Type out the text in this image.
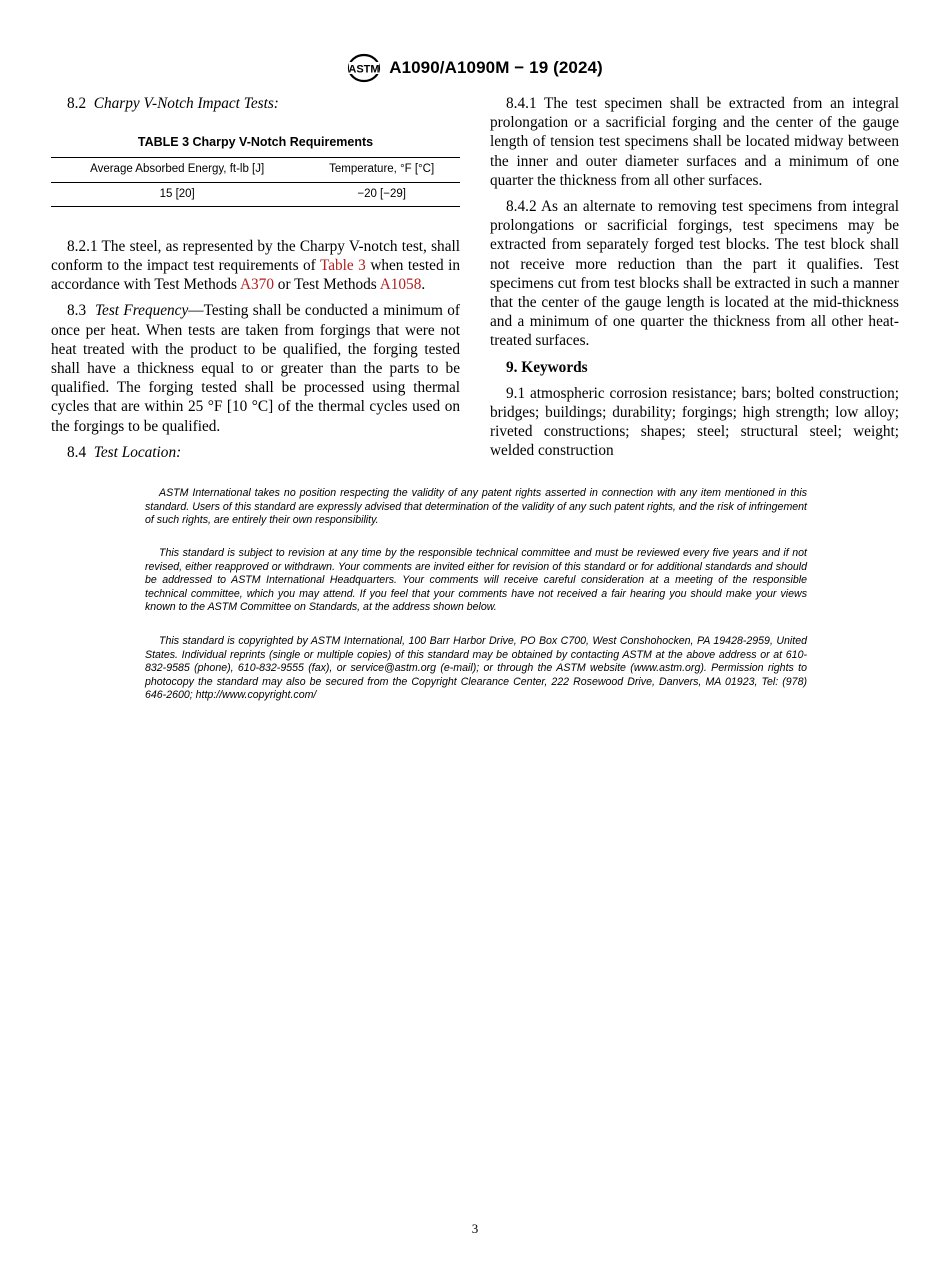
ASTM A1090/A1090M − 19 (2024)

8.2 Charpy V-Notch Impact Tests:

TABLE 3 Charpy V-Notch Requirements
Average Absorbed Energy, ft-lb [J]	Temperature, °F [°C]
15 [20]	−20 [−29]

8.2.1 The steel, as represented by the Charpy V-notch test, shall conform to the impact test requirements of Table 3 when tested in accordance with Test Methods A370 or Test Methods A1058.

8.3 Test Frequency—Testing shall be conducted a minimum of once per heat. When tests are taken from forgings that were not heat treated with the product to be qualified, the forging tested shall have a thickness equal to or greater than the parts to be qualified. The forging tested shall be processed using thermal cycles that are within 25 °F [10 °C] of the thermal cycles used on the forgings to be qualified.

8.4 Test Location:

8.4.1 The test specimen shall be extracted from an integral prolongation or a sacrificial forging and the center of the gauge length of tension test specimens shall be located midway between the inner and outer diameter surfaces and a minimum of one quarter the thickness from all other surfaces.

8.4.2 As an alternate to removing test specimens from integral prolongations or sacrificial forgings, test specimens may be extracted from separately forged test blocks. The test block shall not receive more reduction than the part it qualifies. Test specimens cut from test blocks shall be extracted in such a manner that the center of the gauge length is located at the mid-thickness and a minimum of one quarter the thickness from all other heat-treated surfaces.

9. Keywords

9.1 atmospheric corrosion resistance; bars; bolted construction; bridges; buildings; durability; forgings; high strength; low alloy; riveted constructions; shapes; steel; structural steel; weight; welded construction

ASTM International takes no position respecting the validity of any patent rights asserted in connection with any item mentioned in this standard. Users of this standard are expressly advised that determination of the validity of any such patent rights, and the risk of infringement of such rights, are entirely their own responsibility.

This standard is subject to revision at any time by the responsible technical committee and must be reviewed every five years and if not revised, either reapproved or withdrawn. Your comments are invited either for revision of this standard or for additional standards and should be addressed to ASTM International Headquarters. Your comments will receive careful consideration at a meeting of the responsible technical committee, which you may attend. If you feel that your comments have not received a fair hearing you should make your views known to the ASTM Committee on Standards, at the address shown below.

This standard is copyrighted by ASTM International, 100 Barr Harbor Drive, PO Box C700, West Conshohocken, PA 19428-2959, United States. Individual reprints (single or multiple copies) of this standard may be obtained by contacting ASTM at the above address or at 610-832-9585 (phone), 610-832-9555 (fax), or service@astm.org (e-mail); or through the ASTM website (www.astm.org). Permission rights to photocopy the standard may also be secured from the Copyright Clearance Center, 222 Rosewood Drive, Danvers, MA 01923, Tel: (978) 646-2600; http://www.copyright.com/

3
